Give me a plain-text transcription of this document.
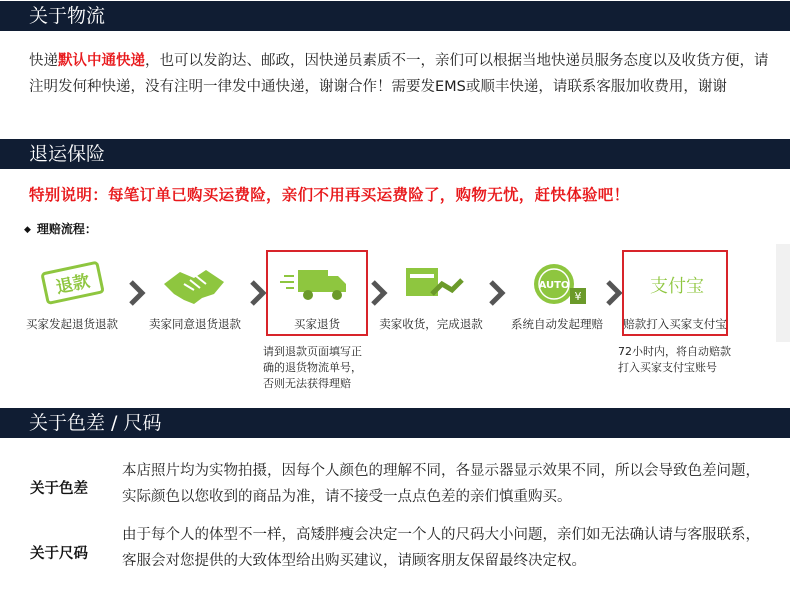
关于物流
快递默认中通快递，也可以发韵达、邮政，因快递员素质不一，亲们可以根据当地快递员服务态度以及收货方便，请注明发何种快递，没有注明一律发中通快递，谢谢合作！需要发EMS或顺丰快递，请联系客服加收费用，谢谢
退运保险
特别说明：每笔订单已购买运费险，亲们不用再买运费险了，购物无忧，赶快体验吧！
◆ 理赔流程：
退款
买家发起退货退款	卖家同意退货退款	买家退货	卖家收货，完成退款
AUTO
¥
系统自动发起理赔
支付宝
赔款打入买家支付宝
请到退款页面填写正
确的退货物流单号，
否则无法获得理赔
72小时内，将自动赔款
打入买家支付宝账号
关于色差 / 尺码
关于色差
本店照片均为实物拍摄，因每个人颜色的理解不同，各显示器显示效果不同，所以会导致色差问题，实际颜色以您收到的商品为准，请不接受一点点色差的亲们慎重购买。
关于尺码
由于每个人的体型不一样，高矮胖瘦会决定一个人的尺码大小问题，亲们如无法确认请与客服联系，客服会对您提供的大致体型给出购买建议，请顾客朋友保留最终决定权。
